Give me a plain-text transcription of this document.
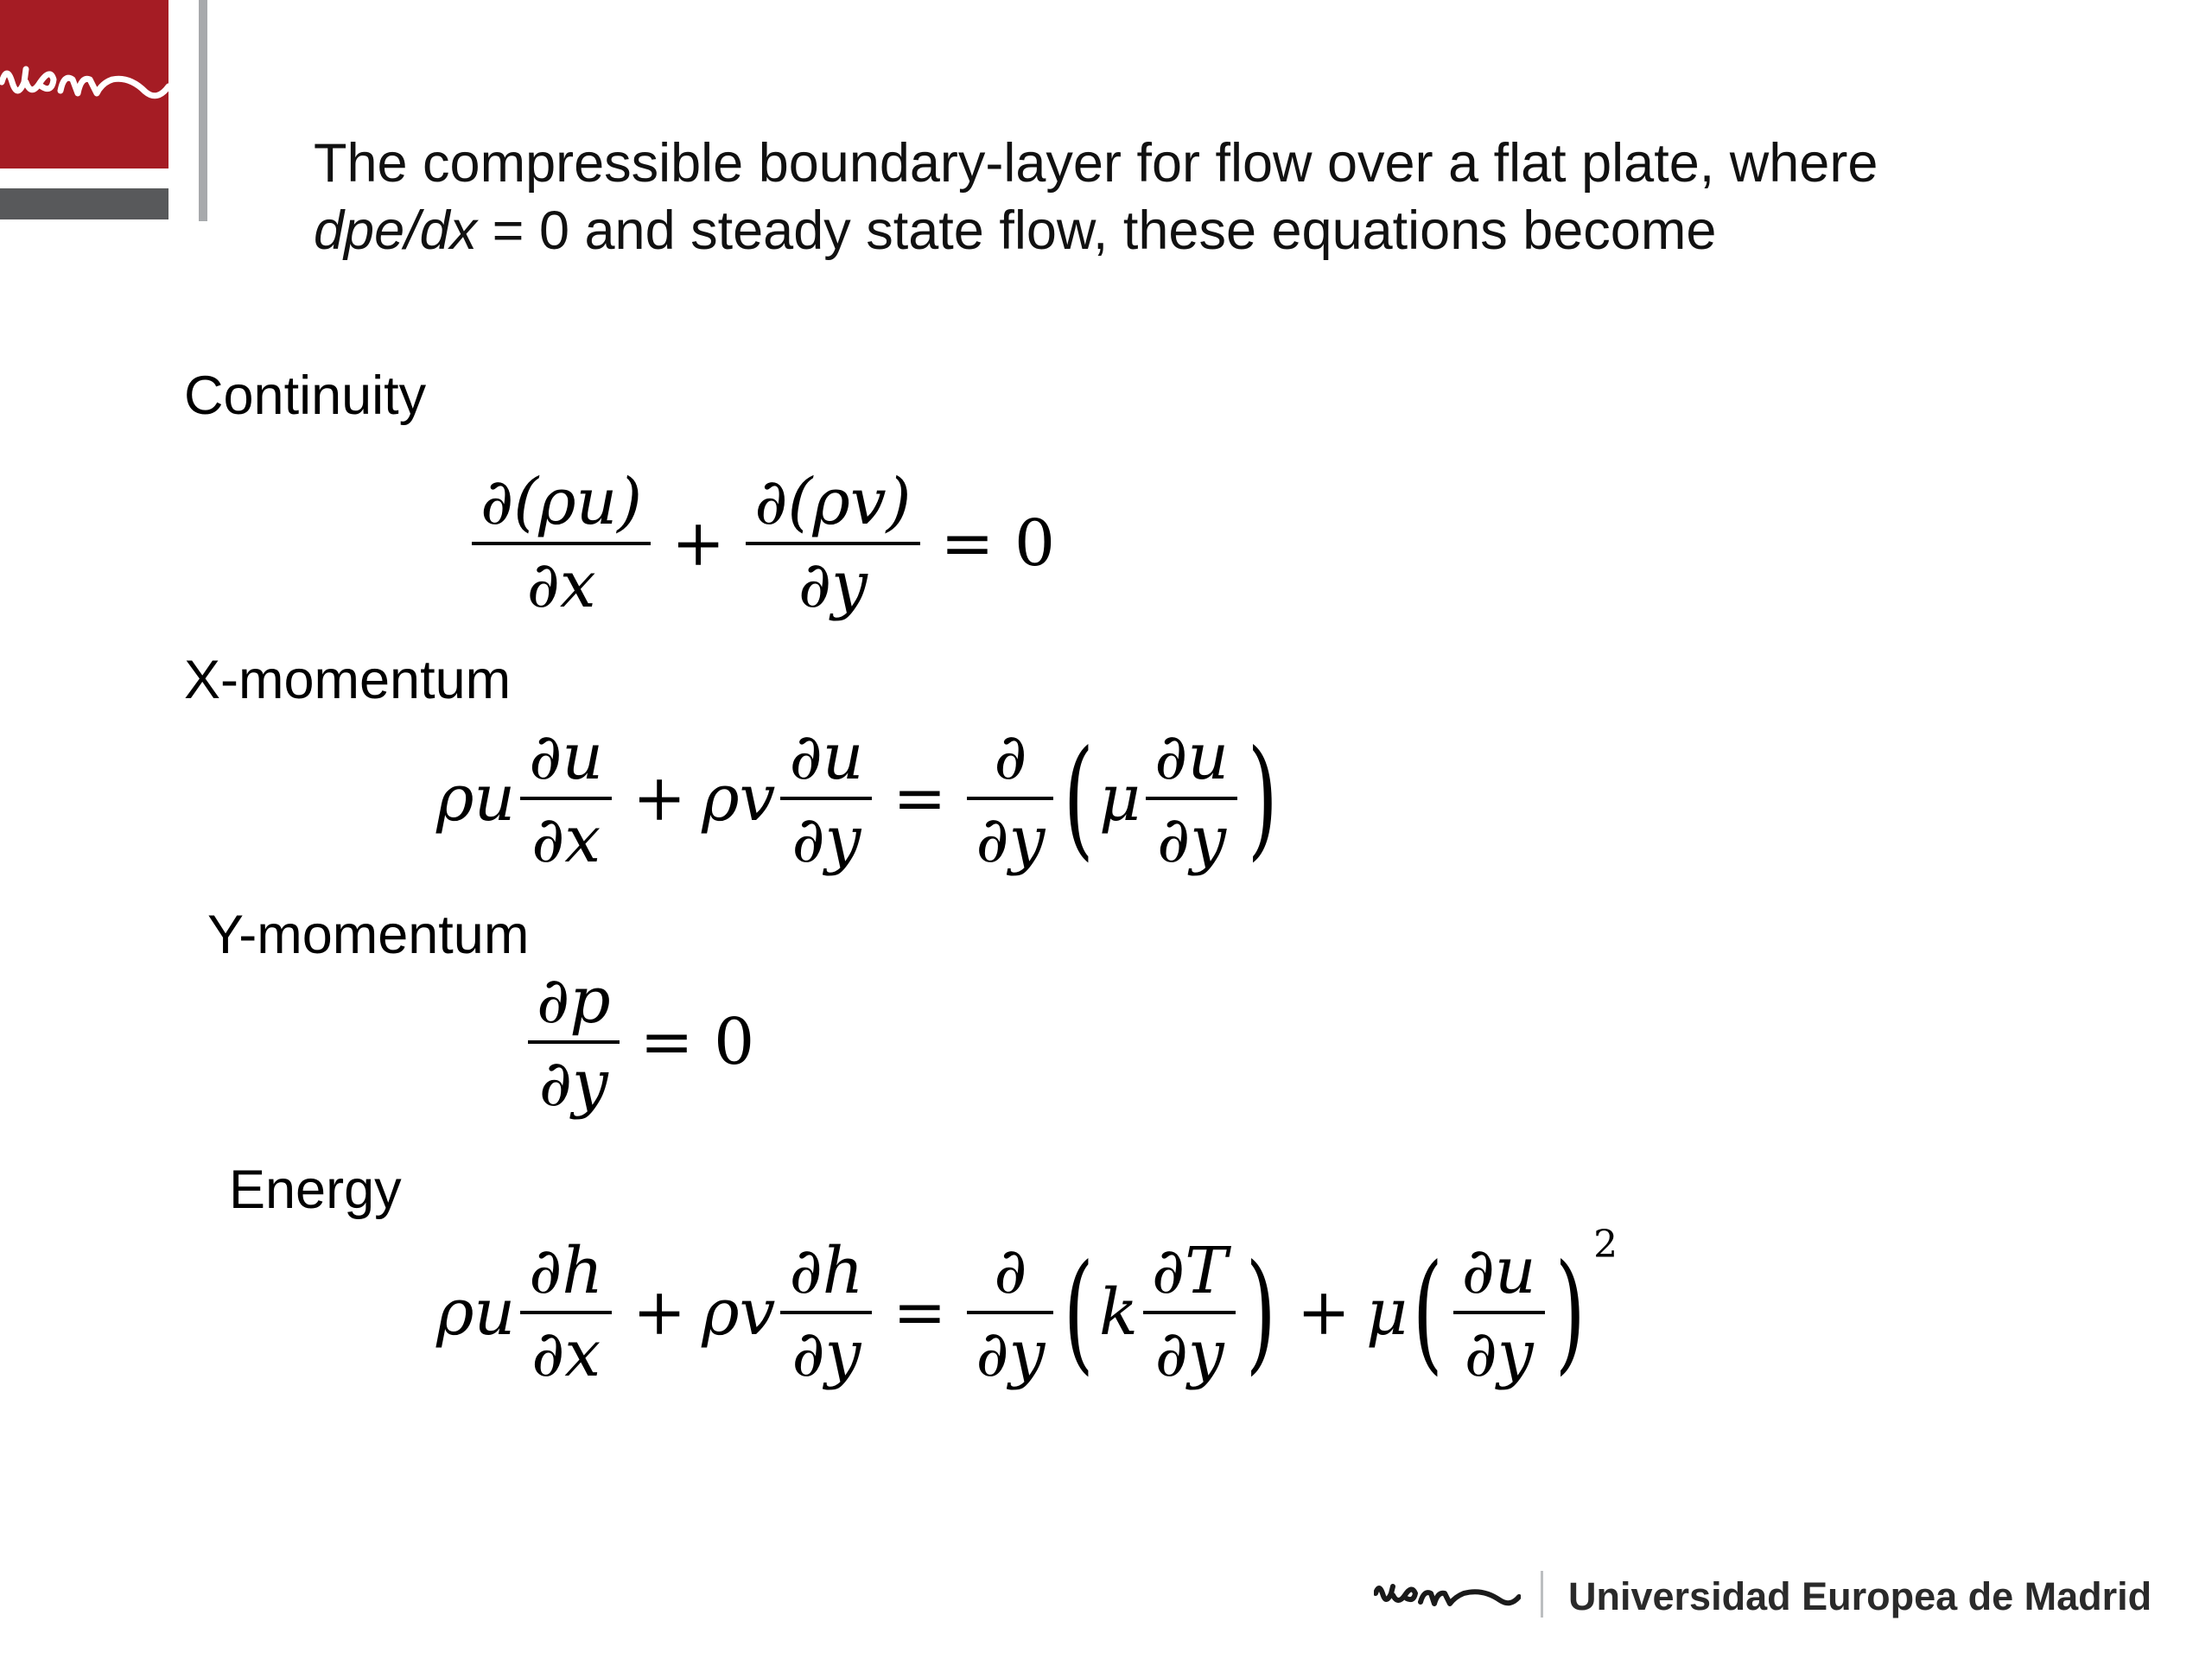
The compressible boundary-layer for flow over a flat plate, where
dpe/dx = 0 and steady state flow, these equations become
Continuity
X-momentum
Y-momentum
Energy
$\frac{\partial(\rho u)}{\partial x} + \frac{\partial(\rho v)}{\partial y} = 0$
ρu $\frac{\partial u}{\partial x} + \rho v \frac{\partial u}{\partial y} = \frac{\partial}{\partial y}$ ( μ $\frac{\partial u}{\partial y}$ )
$\frac{\partial p}{\partial y} = 0$
ρu $\frac{\partial h}{\partial x} + \rho v \frac{\partial h}{\partial y} = \frac{\partial}{\partial y}$ ( k $\frac{\partial T}{\partial y}$ ) + μ ( $\frac{\partial u}{\partial y}$ ) 2
Universidad Europea de Madrid
